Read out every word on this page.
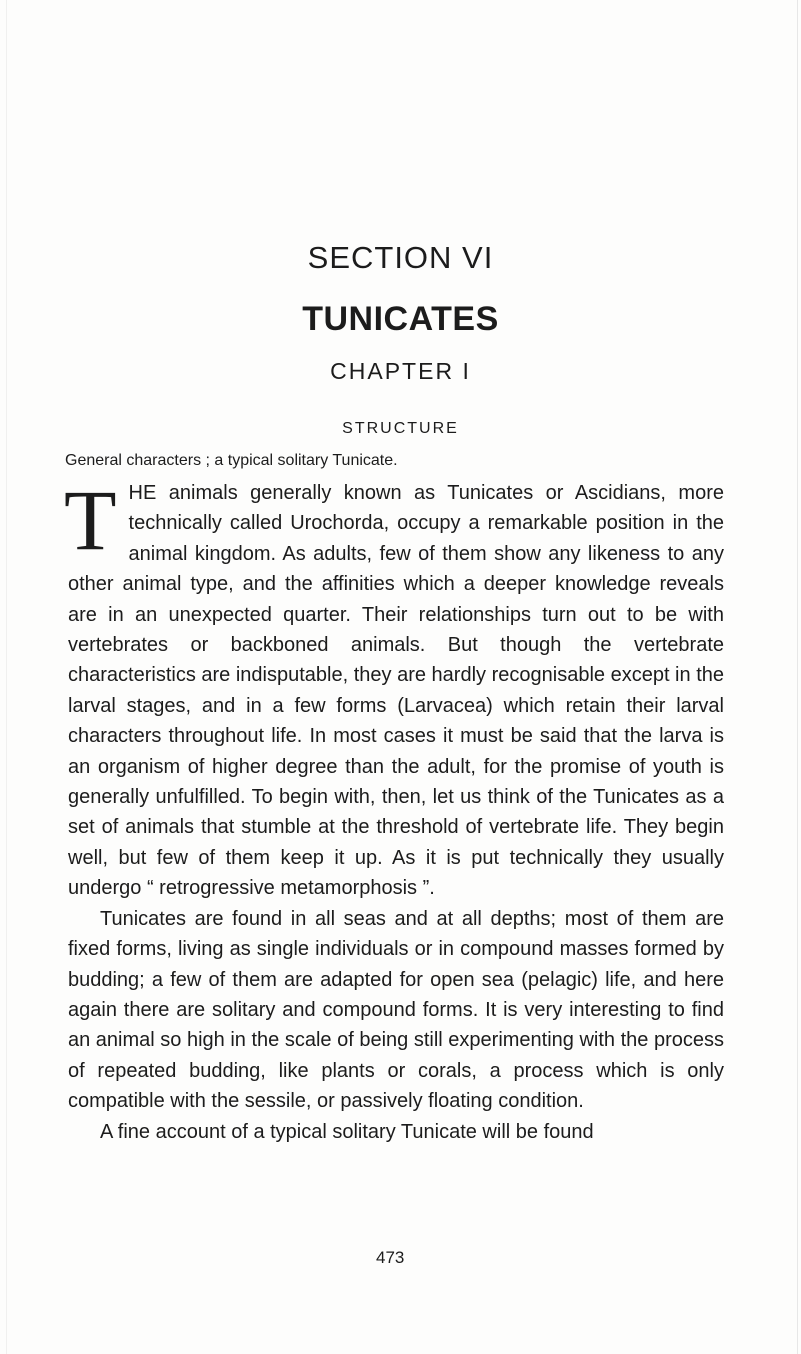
SECTION VI
TUNICATES
CHAPTER I
STRUCTURE

General characters ; a typical solitary Tunicate.

THE animals generally known as Tunicates or Ascidians, more technically called Urochorda, occupy a remarkable position in the animal kingdom. As adults, few of them show any likeness to any other animal type, and the affinities which a deeper knowledge reveals are in an unexpected quarter. Their relationships turn out to be with vertebrates or backboned animals. But though the vertebrate characteristics are indisputable, they are hardly recognisable except in the larval stages, and in a few forms (Larvacea) which retain their larval characters throughout life. In most cases it must be said that the larva is an organism of higher degree than the adult, for the promise of youth is generally unfulfilled. To begin with, then, let us think of the Tunicates as a set of animals that stumble at the threshold of vertebrate life. They begin well, but few of them keep it up. As it is put technically they usually undergo “ retrogressive metamorphosis ”.

Tunicates are found in all seas and at all depths; most of them are fixed forms, living as single individuals or in compound masses formed by budding; a few of them are adapted for open sea (pelagic) life, and here again there are solitary and compound forms. It is very interesting to find an animal so high in the scale of being still experimenting with the process of repeated budding, like plants or corals, a process which is only compatible with the sessile, or passively floating condition.

A fine account of a typical solitary Tunicate will be found

473
